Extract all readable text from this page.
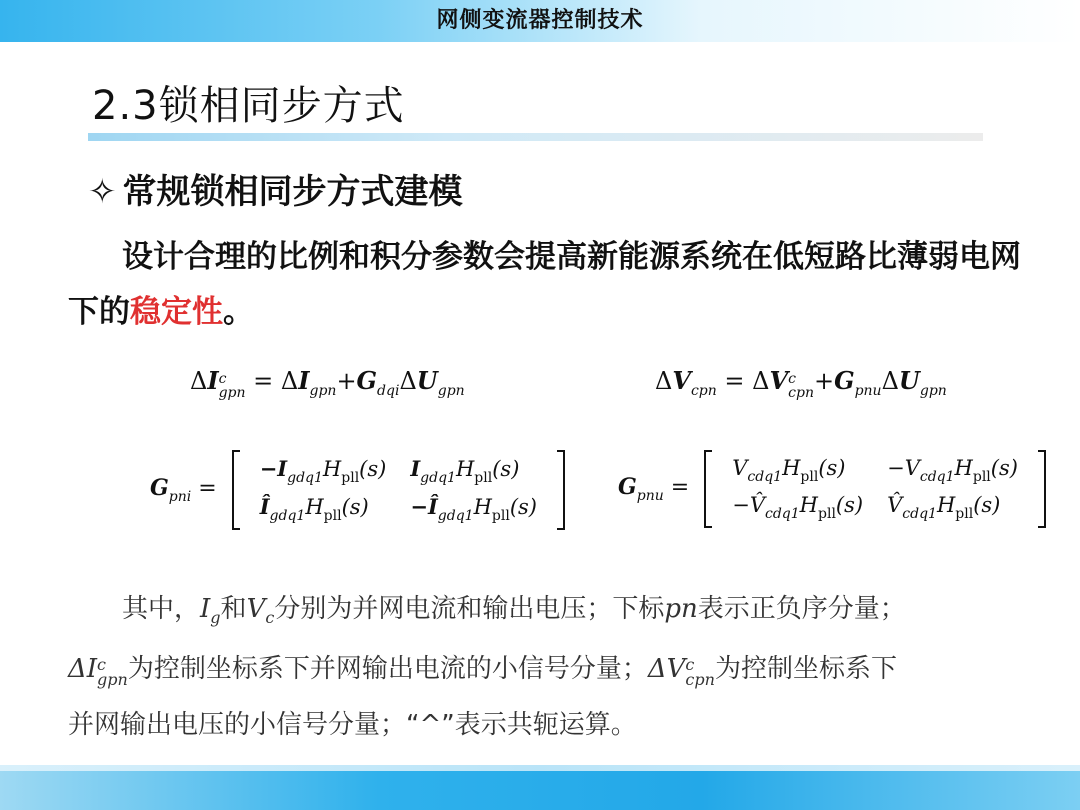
网侧变流器控制技术
2.3锁相同步方式
✧ 常规锁相同步方式建模
设计合理的比例和积分参数会提高新能源系统在低短路比薄弱电网下的稳定性。
ΔI c
gpn = $\Delta I_{gpn}+G_{dqi}\Delta U_{gpn}$	$\Delta V_{cpn} = \Delta V$ c
cpn $+G_{pnu}\Delta U_{gpn}$
$G_{pni}$ =
$-I_{gdq1}H_{pll}(s)$	$I_{gdq1}H_{pll}(s)$
$Î_{gdq1}H_{pll}(s)$	$-Î_{gdq1}H_{pll}(s)$
$G_{pnu}$ =
$V_{cdq1}H_{pll}(s)$	$-V_{cdq1}H_{pll}(s)$
$-V̂_{cdq1}H_{pll}(s)$	$V̂_{cdq1}H_{pll}(s)$
其中，$I_g$和$V_c$分别为并网电流和输出电压；下标pn表示正负序分量；
ΔI c
gpn 为控制坐标系下并网输出电流的小信号分量；ΔV c
cpn 为控制坐标系下
并网输出电压的小信号分量；“^”表示共轭运算。
